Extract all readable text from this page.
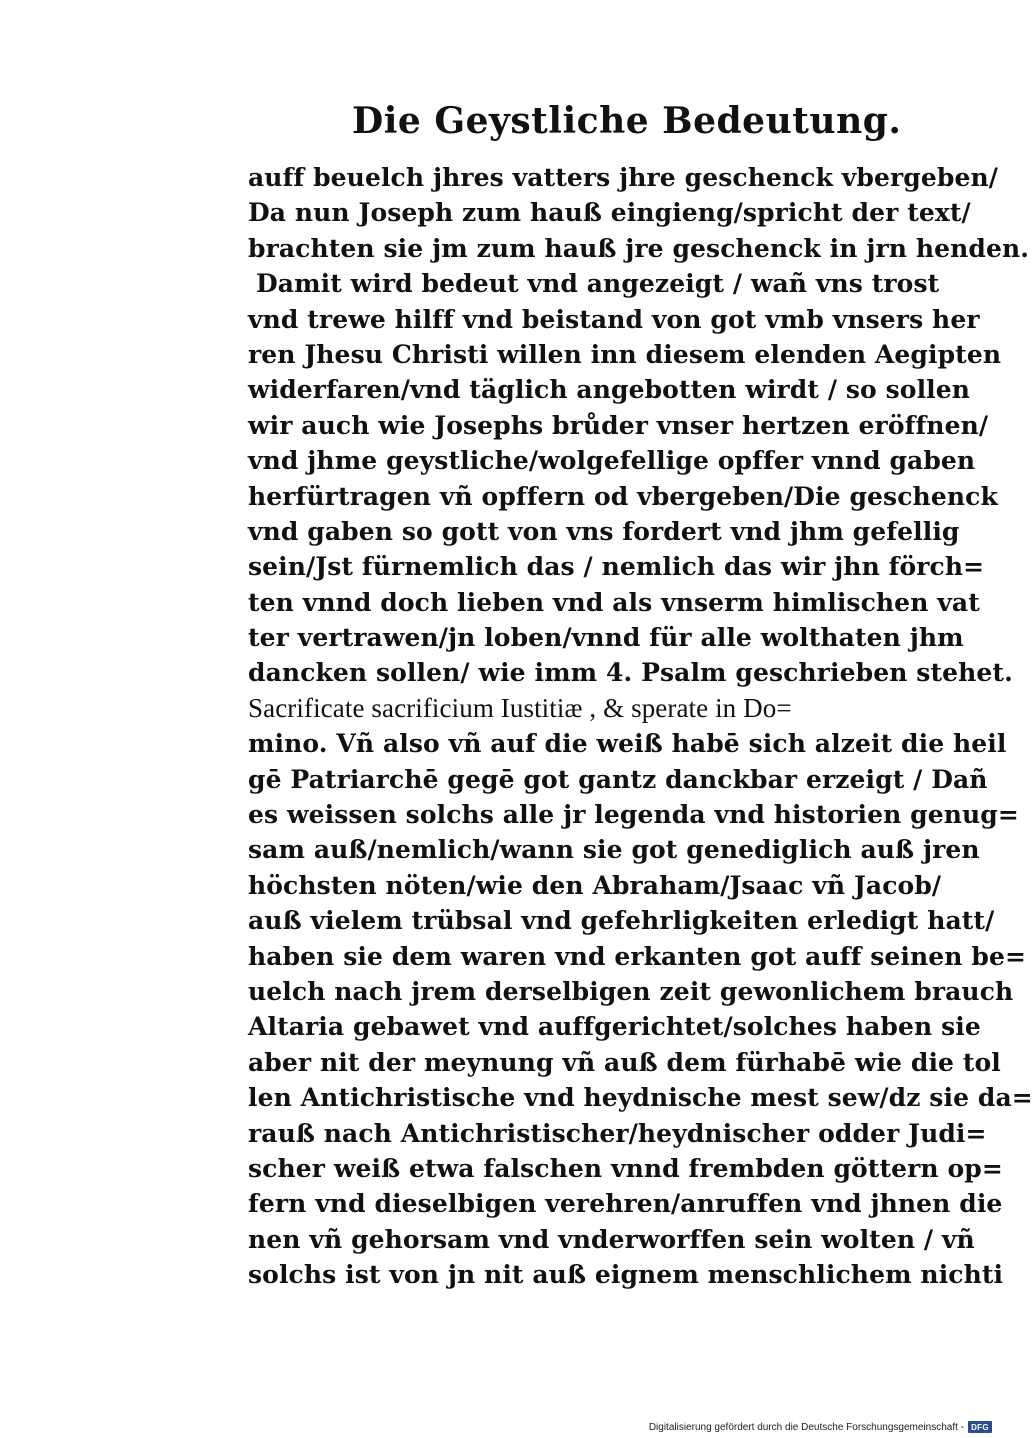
Die Geystliche Bedeutung.
auff beuelch jhres vatters jhre geschenck vbergeben/
Da nun Joseph zum hauß eingieng/spricht der text/
brachten sie jm zum hauß jre geschenck in jrn henden.
Damit wird bedeut vnd angezeigt / wañ vns trost
vnd trewe hilff vnd beistand von got vmb vnsers her
ren Jhesu Christi willen inn diesem elenden Aegipten
widerfaren/vnd täglich angebotten wirdt / so sollen
wir auch wie Josephs brůder vnser hertzen eröffnen/
vnd jhme geystliche/wolgefellige opffer vnnd gaben
herfürtragen vñ opffern od vbergeben/Die geschenck
vnd gaben so gott von vns fordert vnd jhm gefellig
sein/Jst fürnemlich das / nemlich das wir jhn förch=
ten vnnd doch lieben vnd als vnserm himlischen vat
ter vertrawen/jn loben/vnnd für alle wolthaten jhm
dancken sollen/ wie imm 4. Psalm geschrieben stehet.
Sacrificate sacrificium Iustitiæ , & sperate in Do=
mino. Vñ also vñ auf die weiß habē sich alzeit die heil
gē Patriarchē gegē got gantz danckbar erzeigt / Dañ
es weissen solchs alle jr legenda vnd historien genug=
sam auß/nemlich/wann sie got genediglich auß jren
höchsten nöten/wie den Abraham/Jsaac vñ Jacob/
auß vielem trübsal vnd gefehrligkeiten erledigt hatt/
haben sie dem waren vnd erkanten got auff seinen be=
uelch nach jrem derselbigen zeit gewonlichem brauch
Altaria gebawet vnd auffgerichtet/solches haben sie
aber nit der meynung vñ auß dem fürhabē wie die tol
len Antichristische vnd heydnische mest sew/dz sie da=
rauß nach Antichristischer/heydnischer odder Judi=
scher weiß etwa falschen vnnd frembden göttern op=
fern vnd dieselbigen verehren/anruffen vnd jhnen die
nen vñ gehorsam vnd vnderworffen sein wolten / vñ
solchs ist von jn nit auß eignem menschlichem nichti
Digitalisierung gefördert durch die Deutsche Forschungsgemeinschaft - DFG
